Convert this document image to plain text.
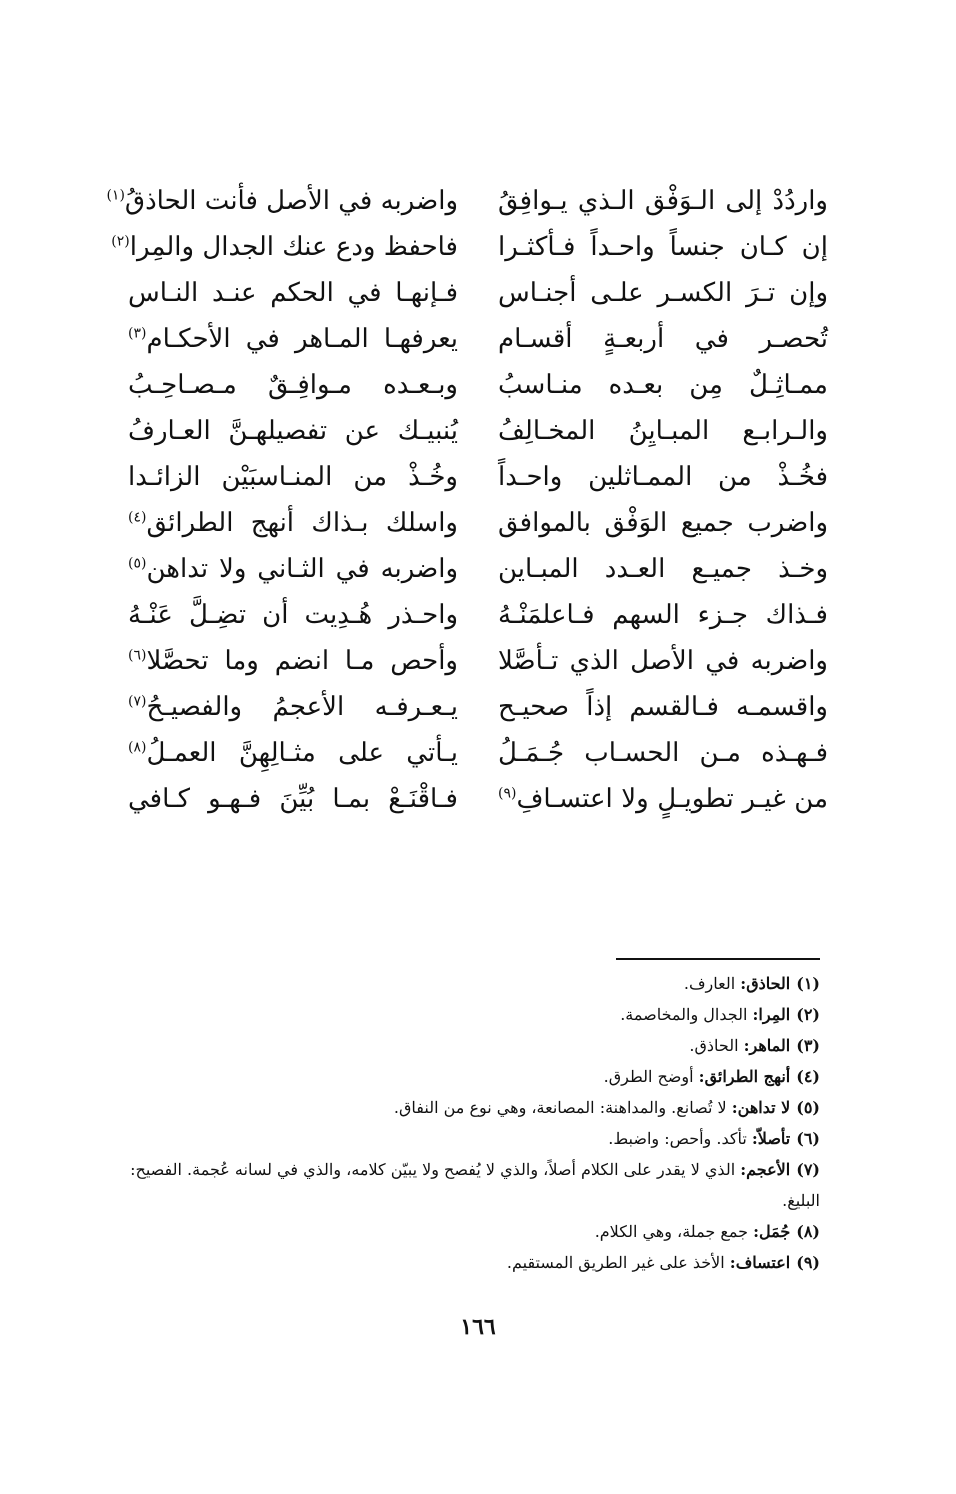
واردُدْ إلى الـوَفْق الـذي يـوافِقُ
واضربه في الأصل فأنت الحاذقُ$^{(١)}$
إن كـان جنساً واحـداً فـأكثـرا
فاحفظ ودع عنك الجدال والمِرا$^{(٢)}$
وإن تـرَ الكسـر علـى أجنـاس
فـإنهـا في الحكم عنـد النـاس
تُحصـر في أربعـةٍ أقسـام
يعرفهـا المـاهر في الأحكـام$^{(٣)}$
ممـاثِـلٌ مِن بعـده منـاسبُ
وبـعـده مـوافِـقٌ مـصـاحِـبُ
والـرابـع المبـايِنُ المخـالِفُ
يُنبيـك عن تفصيلهـنَّ العـارفُ
فخُـذْ من الممـاثلين واحـداً
وخُـذْ من المنـاسبَيْن الزائـدا
واضرب جميع الوَفْق بالموافق
واسلك بـذاك أنهج الطرائق$^{(٤)}$
وخـذ جميـع العـدد المبـاين
واضربه في الثـاني ولا تداهن$^{(٥)}$
فـذاك جـزء السهم فـاعلمَنْـهُ
واحـذر هُـدِيت أن تضِـلَّ عَنْـهُ
واضربه في الأصل الذي تـأصَّلا
وأحص مـا انضم وما تحصَّلا$^{(٦)}$
واقسمـه فـالقسم إذاً صحيـح
يـعـرفـه الأعجمُ والفصيـحُ$^{(٧)}$
فـهـذه مـن الحسـاب جُـمَـلُ
يـأتي على مثـالِهِنَّ العمـلُ$^{(٨)}$
من غيـر تطويـلٍ ولا اعتسـافِ$^{(٩)}$
فـاقْنَـعْ بمـا بُيِّنَ فـهـو كـافي
(١)الحاذق: العارف.
(٢)المِرا: الجدال والمخاصمة.
(٣)الماهر: الحاذق.
(٤)أنهج الطرائق: أوضح الطرق.
(٥)لا تداهن: لا تُصانع. والمداهنة: المصانعة، وهي نوع من النفاق.
(٦)تأصلاّ: تأكد. وأحص: واضبط.
(٧)الأعجم: الذي لا يقدر على الكلام أصلاً، والذي لا يُفصح ولا يبيّن كلامه، والذي في لسانه عُجمة. الفصيح: البليغ.
(٨)جُمَل: جمع جملة، وهي الكلام.
(٩)اعتساف: الأخذ على غير الطريق المستقيم.
١٦٦
